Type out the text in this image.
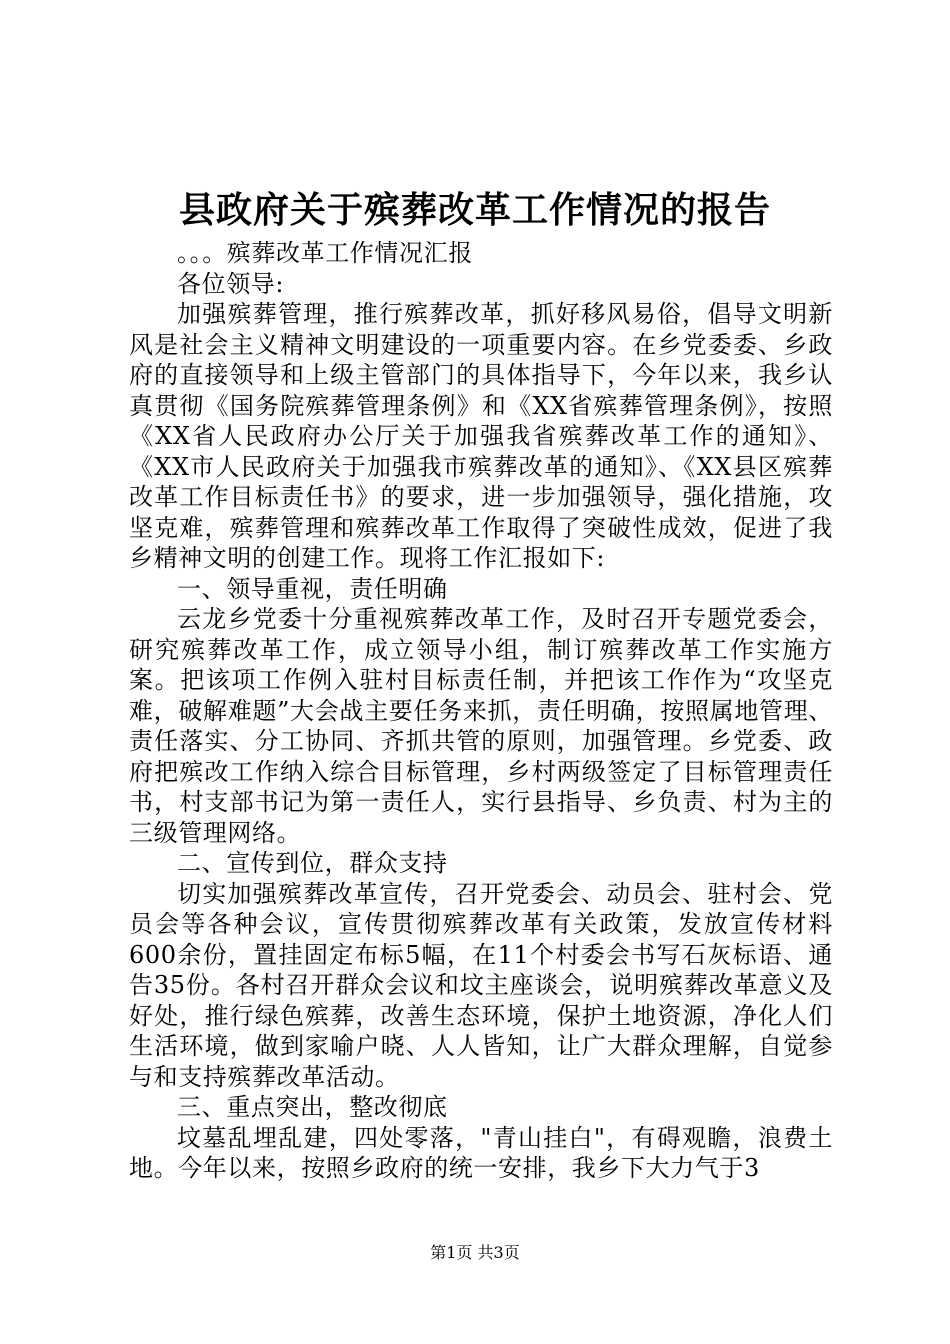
县政府关于殡葬改革工作情况的报告

。。。殡葬改革工作情况汇报

各位领导:

加强殡葬管理，推行殡葬改革，抓好移风易俗，倡导文明新风是社会主义精神文明建设的一项重要内容。在乡党委委、乡政府的直接领导和上级主管部门的具体指导下，今年以来，我乡认真贯彻《国务院殡葬管理条例》和《XX省殡葬管理条例》，按照《XX省人民政府办公厅关于加强我省殡葬改革工作的通知》、《XX市人民政府关于加强我市殡葬改革的通知》、《XX县区殡葬改革工作目标责任书》的要求，进一步加强领导，强化措施，攻坚克难，殡葬管理和殡葬改革工作取得了突破性成效，促进了我乡精神文明的创建工作。现将工作汇报如下:

一、领导重视，责任明确

云龙乡党委十分重视殡葬改革工作，及时召开专题党委会，研究殡葬改革工作，成立领导小组，制订殡葬改革工作实施方案。把该项工作例入驻村目标责任制，并把该工作作为“攻坚克难，破解难题”大会战主要任务来抓，责任明确，按照属地管理、责任落实、分工协同、齐抓共管的原则，加强管理。乡党委、政府把殡改工作纳入综合目标管理，乡村两级签定了目标管理责任书，村支部书记为第一责任人，实行县指导、乡负责、村为主的三级管理网络。

二、宣传到位，群众支持

切实加强殡葬改革宣传，召开党委会、动员会、驻村会、党员会等各种会议，宣传贯彻殡葬改革有关政策，发放宣传材料600余份，置挂固定布标5幅，在11个村委会书写石灰标语、通告35份。各村召开群众会议和坟主座谈会，说明殡葬改革意义及好处，推行绿色殡葬，改善生态环境，保护土地资源，净化人们生活环境，做到家喻户晓、人人皆知，让广大群众理解，自觉参与和支持殡葬改革活动。

三、重点突出，整改彻底

坟墓乱埋乱建，四处零落，"青山挂白"，有碍观瞻，浪费土地。今年以来，按照乡政府的统一安排，我乡下大力气于3

第1页 共3页
